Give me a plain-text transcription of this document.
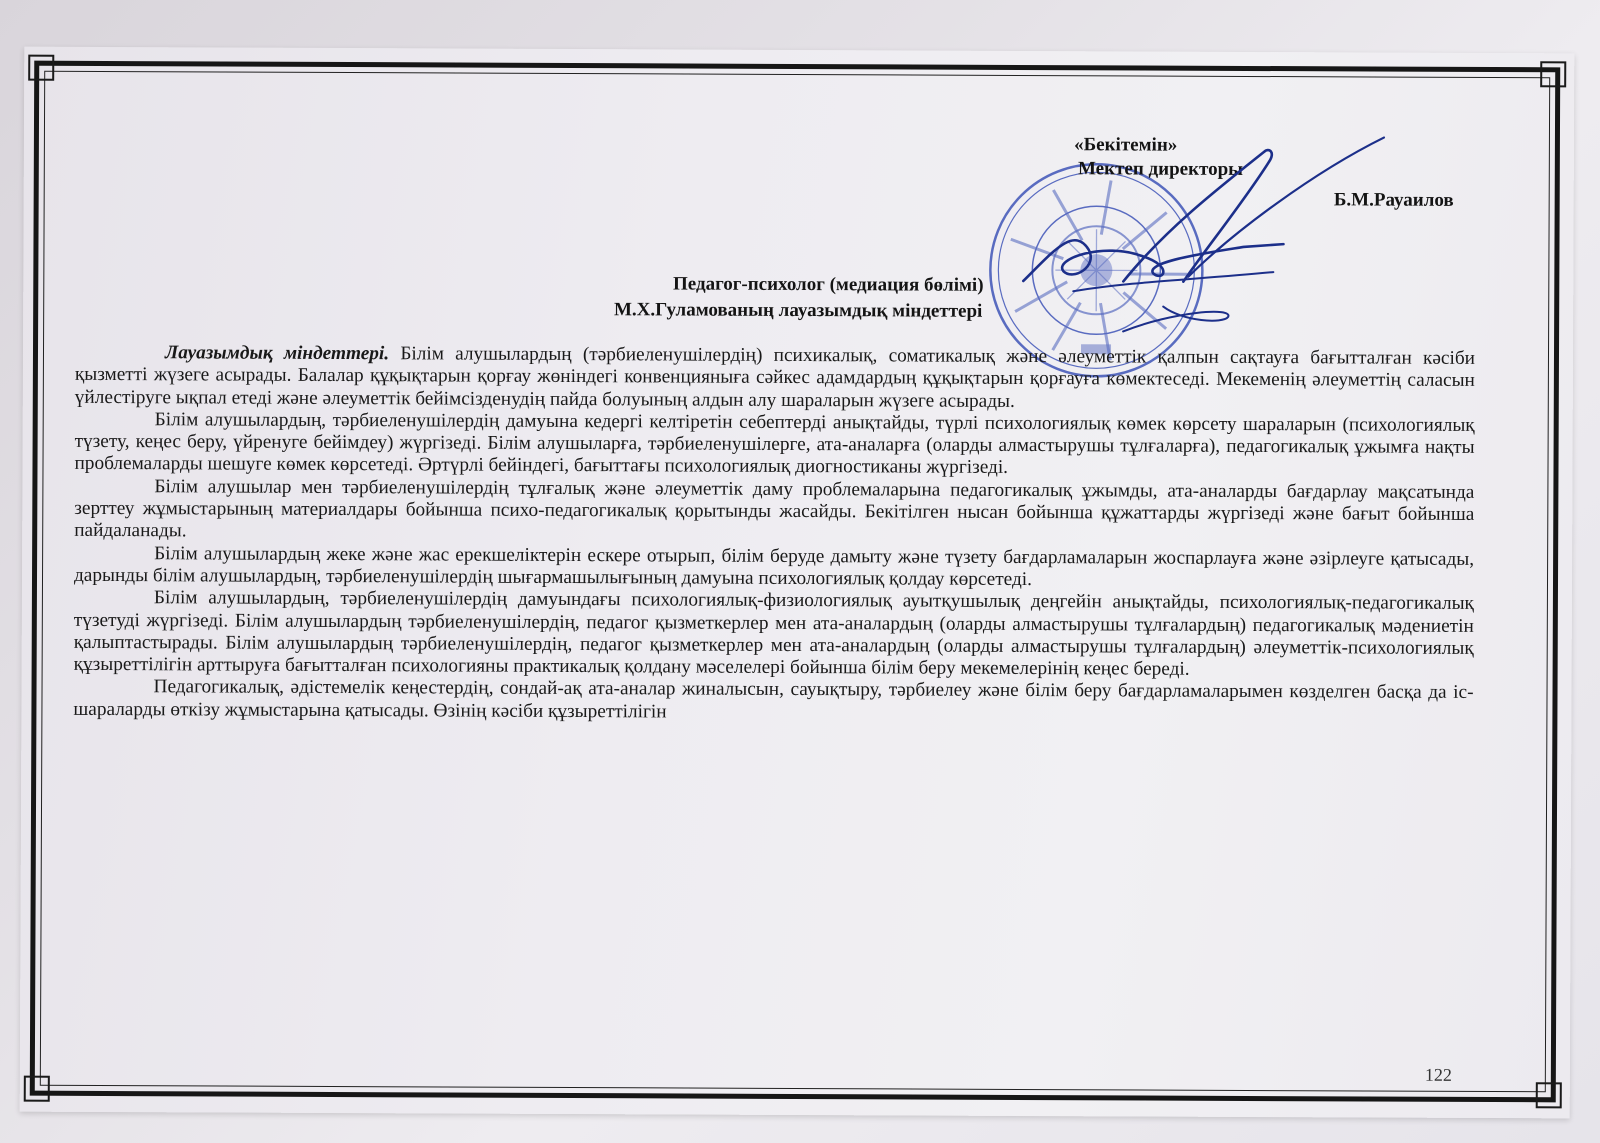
«Бекітемін»
Мектеп директоры
Б.М.Рауаилов
Педагог-психолог (медиация бөлімі)
М.Х.Гуламованың лауазымдық міндеттері

Лауазымдық міндеттері. Білім алушылардың (тәрбиеленушілердің) психикалық, соматикалық және әлеуметтік қалпын сақтауға бағытталған кәсіби қызметті жүзеге асырады. Балалар құқықтарын қорғау жөніндегі конвенцияныға сәйкес адамдардың құқықтарын қорғауға көмектеседі. Мекеменің әлеуметтің саласын үйлестіруге ықпал етеді және әлеуметтік бейімсізденудің пайда болуының алдын алу шараларын жүзеге асырады.

Білім алушылардың, тәрбиеленушілердің дамуына кедергі келтіретін себептерді анықтайды, түрлі психологиялық көмек көрсету шараларын (психологиялық түзету, кеңес беру, үйренуге бейімдеу) жүргізеді. Білім алушыларға, тәрбиеленушілерге, ата-аналарға (оларды алмастырушы тұлғаларға), педагогикалық ұжымға нақты проблемаларды шешуге көмек көрсетеді. Әртүрлі бейіндегі, бағыттағы психологиялық диогностиканы жүргізеді.

Білім алушылар мен тәрбиеленушілердің тұлғалық және әлеуметтік даму проблемаларына педагогикалық ұжымды, ата-аналарды бағдарлау мақсатында зерттеу жұмыстарының материалдары бойынша психо-педагогикалық қорытынды жасайды. Бекітілген нысан бойынша құжаттарды жүргізеді және бағыт бойынша пайдаланады.

Білім алушылардың жеке және жас ерекшеліктерін ескере отырып, білім беруде дамыту және түзету бағдарламаларын жоспарлауға және әзірлеуге қатысады, дарынды білім алушылардың, тәрбиеленушілердің шығармашылығының дамуына психологиялық қолдау көрсетеді.

Білім алушылардың, тәрбиеленушілердің дамуындағы психологиялық-физиологиялық ауытқушылық деңгейін анықтайды, психологиялық-педагогикалық түзетуді жүргізеді. Білім алушылардың тәрбиеленушілердің, педагог қызметкерлер мен ата-аналардың (оларды алмастырушы тұлғалардың) педагогикалық мәдениетін қалыптастырады. Білім алушылардың тәрбиеленушілердің, педагог қызметкерлер мен ата-аналардың (оларды алмастырушы тұлғалардың) әлеуметтік-психологиялық құзыреттілігін арттыруға бағытталған психологияны практикалық қолдану мәселелері бойынша білім беру мекемелерінің кеңес береді.

Педагогикалық, әдістемелік кеңестердің, сондай-ақ ата-аналар жиналысын, сауықтыру, тәрбиелеу және білім беру бағдарламаларымен көзделген басқа да іс-шараларды өткізу жұмыстарына қатысады. Өзінің кәсіби құзыреттілігін

122
